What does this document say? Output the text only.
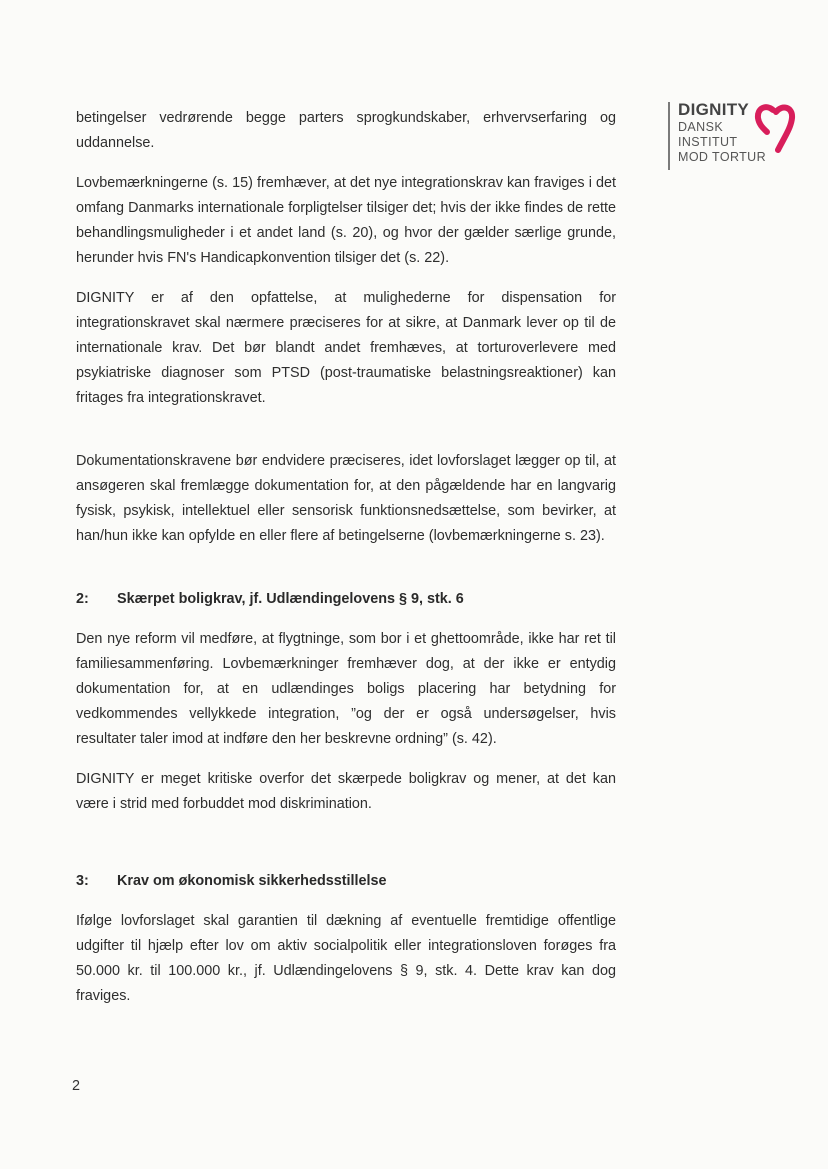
DIGNITY
DANSK
INSTITUT
MOD TORTUR

betingelser vedrørende begge parters sprogkundskaber, erhvervserfaring og uddannelse.

Lovbemærkningerne (s. 15) fremhæver, at det nye integrationskrav kan fraviges i det omfang Danmarks internationale forpligtelser tilsiger det; hvis der ikke findes de rette behandlingsmuligheder i et andet land (s. 20), og hvor der gælder særlige grunde, herunder hvis FN's Handicapkonvention tilsiger det (s. 22).

DIGNITY er af den opfattelse, at mulighederne for dispensation for integrationskravet skal nærmere præciseres for at sikre, at Danmark lever op til de internationale krav. Det bør blandt andet fremhæves, at torturoverlevere med psykiatriske diagnoser som PTSD (post-traumatiske belastningsreaktioner) kan fritages fra integrationskravet.

Dokumentationskravene bør endvidere præciseres, idet lovforslaget lægger op til, at ansøgeren skal fremlægge dokumentation for, at den pågældende har en langvarig fysisk, psykisk, intellektuel eller sensorisk funktionsnedsættelse, som bevirker, at han/hun ikke kan opfylde en eller flere af betingelserne (lovbemærkningerne s. 23).

2:	Skærpet boligkrav, jf. Udlændingelovens § 9, stk. 6

Den nye reform vil medføre, at flygtninge, som bor i et ghettoområde, ikke har ret til familiesammenføring. Lovbemærkninger fremhæver dog, at der ikke er entydig dokumentation for, at en udlændinges boligs placering har betydning for vedkommendes vellykkede integration, ”og der er også undersøgelser, hvis resultater taler imod at indføre den her beskrevne ordning” (s. 42).

DIGNITY er meget kritiske overfor det skærpede boligkrav og mener, at det kan være i strid med forbuddet mod diskrimination.

3:	Krav om økonomisk sikkerhedsstillelse

Ifølge lovforslaget skal garantien til dækning af eventuelle fremtidige offentlige udgifter til hjælp efter lov om aktiv socialpolitik eller integrationsloven forøges fra 50.000 kr. til 100.000 kr., jf. Udlændingelovens § 9, stk. 4. Dette krav kan dog fraviges.

2
